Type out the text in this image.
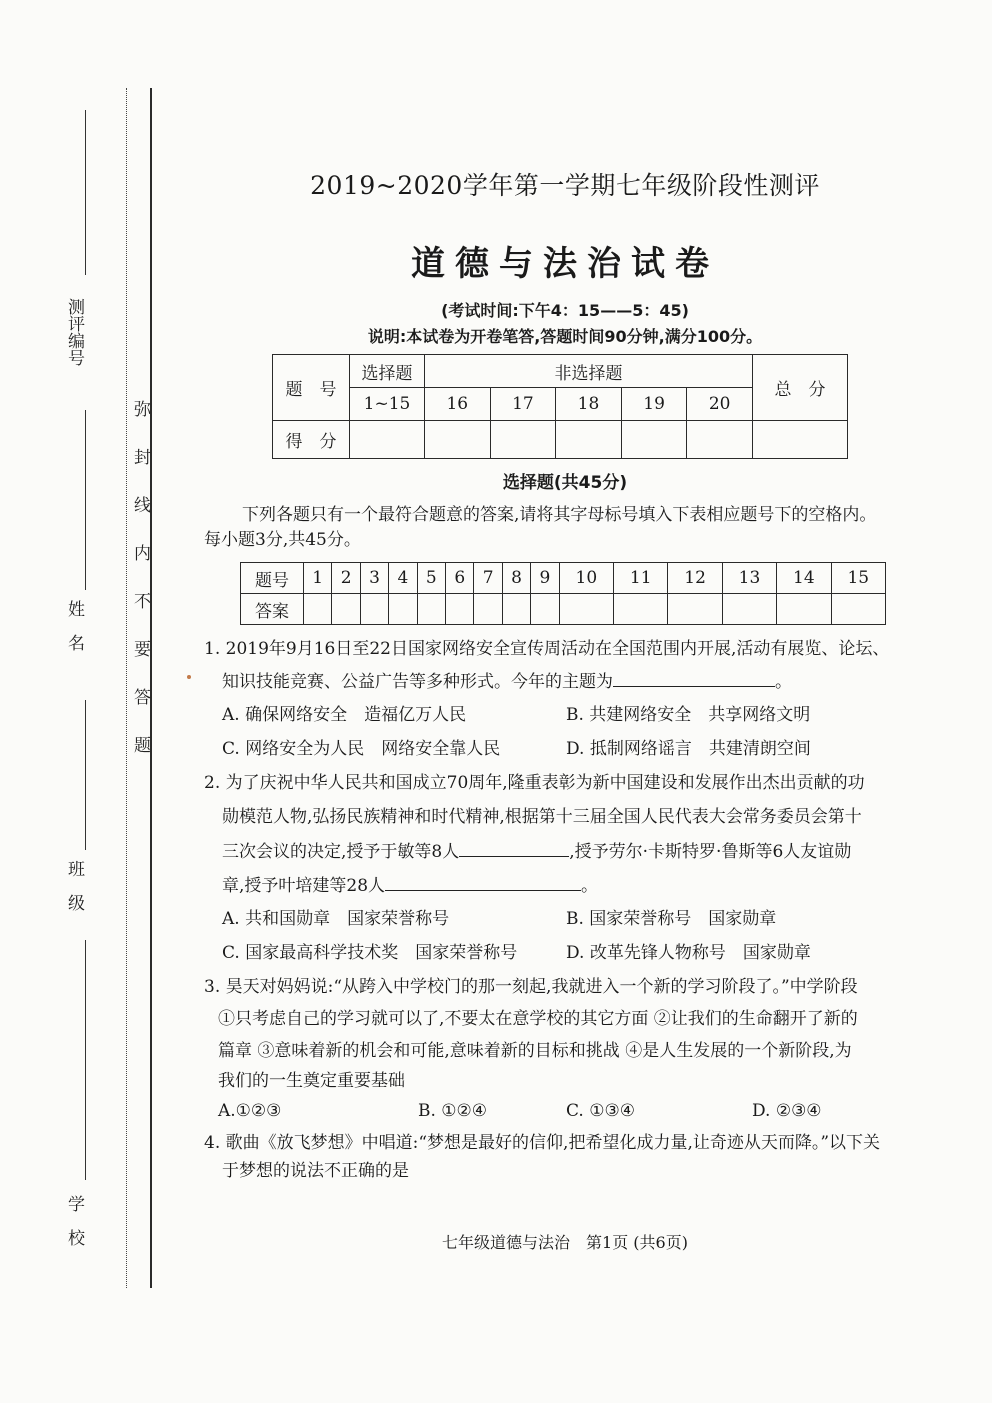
测评编号
姓　名
班　级
学　校
弥封线内不要答题
2019~2020学年第一学期七年级阶段性测评
道德与法治试卷
(考试时间:下午4：15——5：45)
说明:本试卷为开卷笔答,答题时间90分钟,满分100分。
题　号	选择题	非选择题					总　分
	1~15	16	17	18	19	20	
得　分							
选择题(共45分)
下列各题只有一个最符合题意的答案,请将其字母标号填入下表相应题号下的空格内。
每小题3分,共45分。
题号	1	2	3	4	5	6	7	8	9	10	11	12	13	14	15
答案															
1. 2019年9月16日至22日国家网络安全宣传周活动在全国范围内开展,活动有展览、论坛、
知识技能竞赛、公益广告等多种形式。今年的主题为	。
A. 确保网络安全　造福亿万人民	B. 共建网络安全　共享网络文明
C. 网络安全为人民　网络安全靠人民	D. 抵制网络谣言　共建清朗空间
2. 为了庆祝中华人民共和国成立70周年,隆重表彰为新中国建设和发展作出杰出贡献的功
勋模范人物,弘扬民族精神和时代精神,根据第十三届全国人民代表大会常务委员会第十
三次会议的决定,授予于敏等8人	,授予劳尔·卡斯特罗·鲁斯等6人友谊勋
章,授予叶培建等28人	。
A. 共和国勋章　国家荣誉称号	B. 国家荣誉称号　国家勋章
C. 国家最高科学技术奖　国家荣誉称号	D. 改革先锋人物称号　国家勋章
3. 昊天对妈妈说:“从跨入中学校门的那一刻起,我就进入一个新的学习阶段了。”中学阶段
①只考虑自己的学习就可以了,不要太在意学校的其它方面 ②让我们的生命翻开了新的
篇章 ③意味着新的机会和可能,意味着新的目标和挑战 ④是人生发展的一个新阶段,为
我们的一生奠定重要基础
A.①②③	B. ①②④	C. ①③④	D. ②③④
4. 歌曲《放飞梦想》中唱道:“梦想是最好的信仰,把希望化成力量,让奇迹从天而降。”以下关
于梦想的说法不正确的是
七年级道德与法治　第1页 (共6页)
